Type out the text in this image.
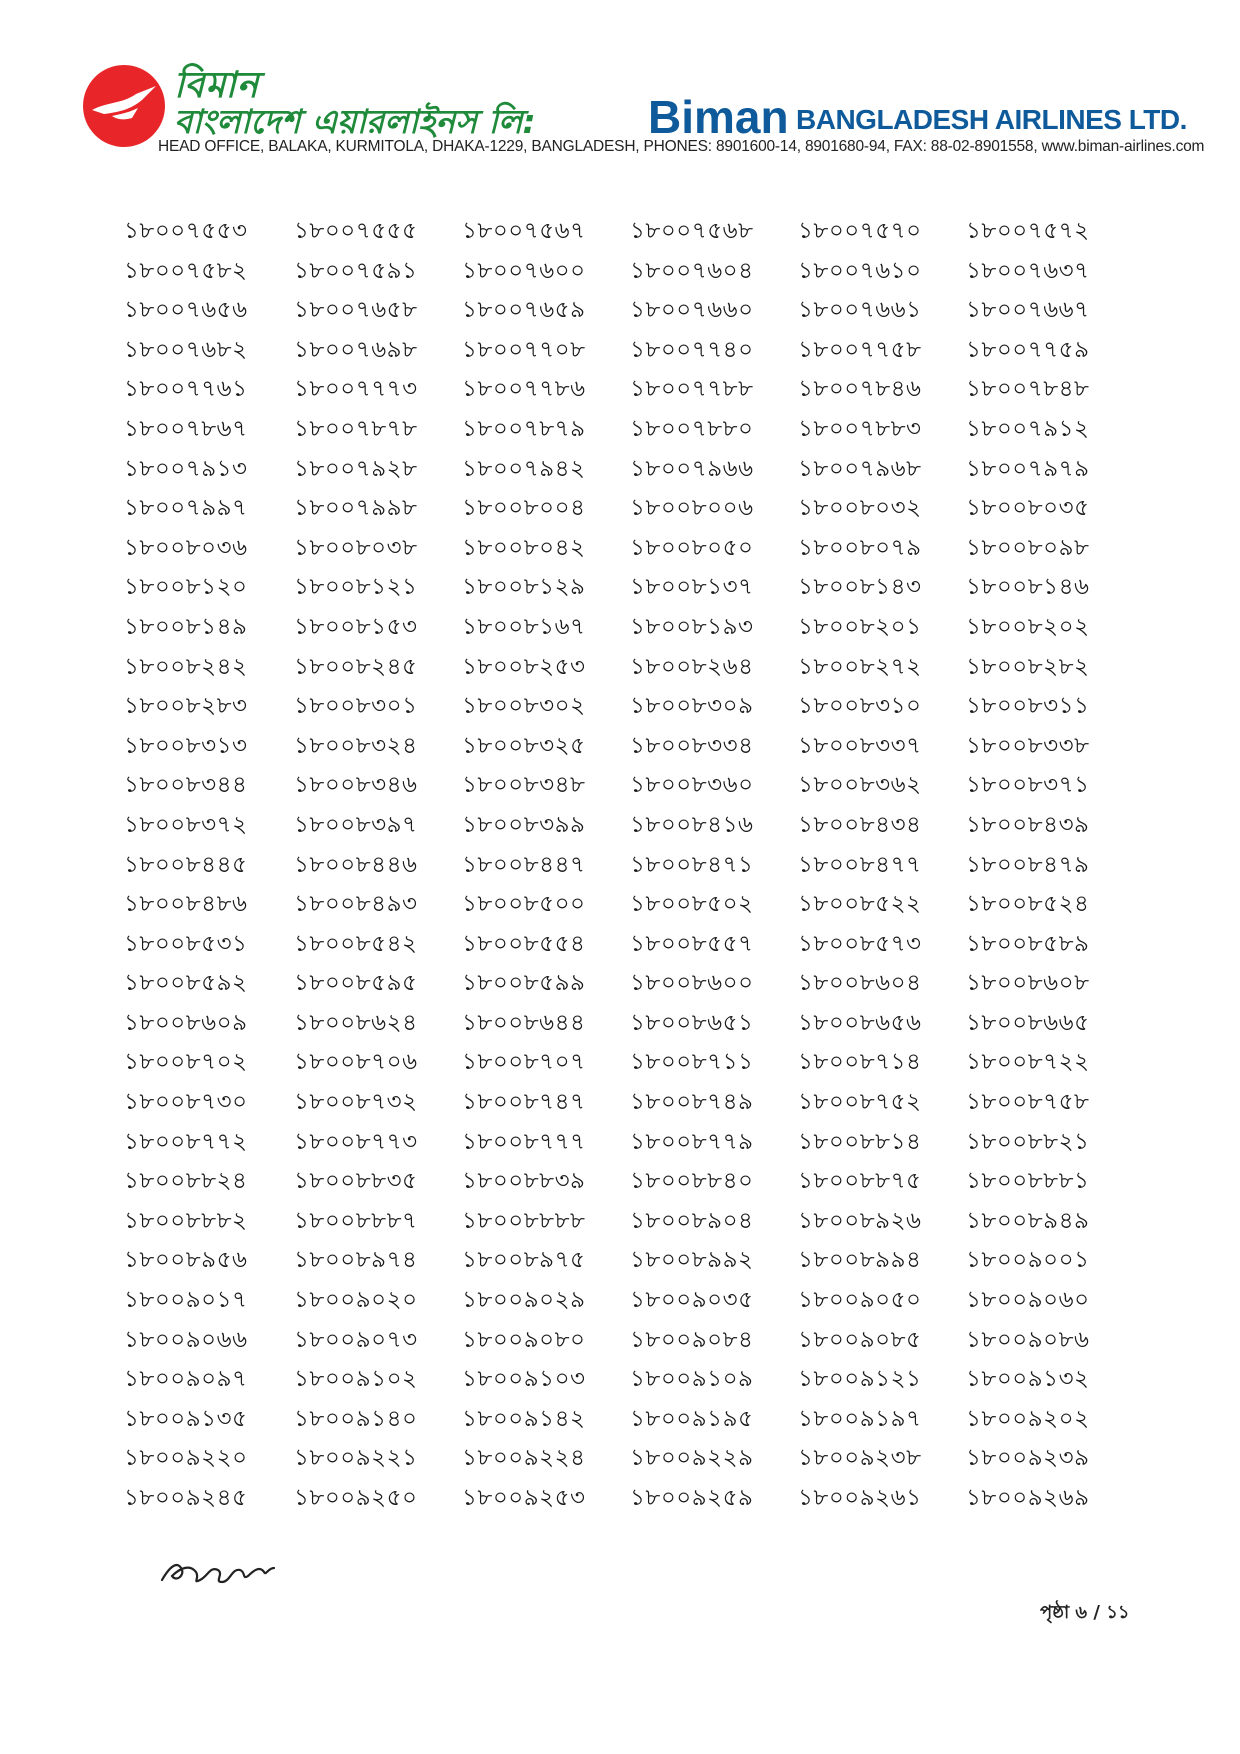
বিমান
বাংলাদেশ এয়ারলাইনস লি: Biman BANGLADESH AIRLINES LTD.
HEAD OFFICE, BALAKA, KURMITOLA, DHAKA-1229, BANGLADESH, PHONES: 8901600-14, 8901680-94, FAX: 88-02-8901558, www.biman-airlines.com
১৮০০৭৫৫৩ ১৮০০৭৫৫৫ ১৮০০৭৫৬৭ ১৮০০৭৫৬৮ ১৮০০৭৫৭০ ১৮০০৭৫৭২
১৮০০৭৫৮২ ১৮০০৭৫৯১ ১৮০০৭৬০০ ১৮০০৭৬০৪ ১৮০০৭৬১০ ১৮০০৭৬৩৭
১৮০০৭৬৫৬ ১৮০০৭৬৫৮ ১৮০০৭৬৫৯ ১৮০০৭৬৬০ ১৮০০৭৬৬১ ১৮০০৭৬৬৭
১৮০০৭৬৮২ ১৮০০৭৬৯৮ ১৮০০৭৭০৮ ১৮০০৭৭৪০ ১৮০০৭৭৫৮ ১৮০০৭৭৫৯
১৮০০৭৭৬১ ১৮০০৭৭৭৩ ১৮০০৭৭৮৬ ১৮০০৭৭৮৮ ১৮০০৭৮৪৬ ১৮০০৭৮৪৮
১৮০০৭৮৬৭ ১৮০০৭৮৭৮ ১৮০০৭৮৭৯ ১৮০০৭৮৮০ ১৮০০৭৮৮৩ ১৮০০৭৯১২
১৮০০৭৯১৩ ১৮০০৭৯২৮ ১৮০০৭৯৪২ ১৮০০৭৯৬৬ ১৮০০৭৯৬৮ ১৮০০৭৯৭৯
১৮০০৭৯৯৭ ১৮০০৭৯৯৮ ১৮০০৮০০৪ ১৮০০৮০০৬ ১৮০০৮০৩২ ১৮০০৮০৩৫
১৮০০৮০৩৬ ১৮০০৮০৩৮ ১৮০০৮০৪২ ১৮০০৮০৫০ ১৮০০৮০৭৯ ১৮০০৮০৯৮
১৮০০৮১২০ ১৮০০৮১২১ ১৮০০৮১২৯ ১৮০০৮১৩৭ ১৮০০৮১৪৩ ১৮০০৮১৪৬
১৮০০৮১৪৯ ১৮০০৮১৫৩ ১৮০০৮১৬৭ ১৮০০৮১৯৩ ১৮০০৮২০১ ১৮০০৮২০২
১৮০০৮২৪২ ১৮০০৮২৪৫ ১৮০০৮২৫৩ ১৮০০৮২৬৪ ১৮০০৮২৭২ ১৮০০৮২৮২
১৮০০৮২৮৩ ১৮০০৮৩০১ ১৮০০৮৩০২ ১৮০০৮৩০৯ ১৮০০৮৩১০ ১৮০০৮৩১১
১৮০০৮৩১৩ ১৮০০৮৩২৪ ১৮০০৮৩২৫ ১৮০০৮৩৩৪ ১৮০০৮৩৩৭ ১৮০০৮৩৩৮
১৮০০৮৩৪৪ ১৮০০৮৩৪৬ ১৮০০৮৩৪৮ ১৮০০৮৩৬০ ১৮০০৮৩৬২ ১৮০০৮৩৭১
১৮০০৮৩৭২ ১৮০০৮৩৯৭ ১৮০০৮৩৯৯ ১৮০০৮৪১৬ ১৮০০৮৪৩৪ ১৮০০৮৪৩৯
১৮০০৮৪৪৫ ১৮০০৮৪৪৬ ১৮০০৮৪৪৭ ১৮০০৮৪৭১ ১৮০০৮৪৭৭ ১৮০০৮৪৭৯
১৮০০৮৪৮৬ ১৮০০৮৪৯৩ ১৮০০৮৫০০ ১৮০০৮৫০২ ১৮০০৮৫২২ ১৮০০৮৫২৪
১৮০০৮৫৩১ ১৮০০৮৫৪২ ১৮০০৮৫৫৪ ১৮০০৮৫৫৭ ১৮০০৮৫৭৩ ১৮০০৮৫৮৯
১৮০০৮৫৯২ ১৮০০৮৫৯৫ ১৮০০৮৫৯৯ ১৮০০৮৬০০ ১৮০০৮৬০৪ ১৮০০৮৬০৮
১৮০০৮৬০৯ ১৮০০৮৬২৪ ১৮০০৮৬৪৪ ১৮০০৮৬৫১ ১৮০০৮৬৫৬ ১৮০০৮৬৬৫
১৮০০৮৭০২ ১৮০০৮৭০৬ ১৮০০৮৭০৭ ১৮০০৮৭১১ ১৮০০৮৭১৪ ১৮০০৮৭২২
১৮০০৮৭৩০ ১৮০০৮৭৩২ ১৮০০৮৭৪৭ ১৮০০৮৭৪৯ ১৮০০৮৭৫২ ১৮০০৮৭৫৮
১৮০০৮৭৭২ ১৮০০৮৭৭৩ ১৮০০৮৭৭৭ ১৮০০৮৭৭৯ ১৮০০৮৮১৪ ১৮০০৮৮২১
১৮০০৮৮২৪ ১৮০০৮৮৩৫ ১৮০০৮৮৩৯ ১৮০০৮৮৪০ ১৮০০৮৮৭৫ ১৮০০৮৮৮১
১৮০০৮৮৮২ ১৮০০৮৮৮৭ ১৮০০৮৮৮৮ ১৮০০৮৯০৪ ১৮০০৮৯২৬ ১৮০০৮৯৪৯
১৮০০৮৯৫৬ ১৮০০৮৯৭৪ ১৮০০৮৯৭৫ ১৮০০৮৯৯২ ১৮০০৮৯৯৪ ১৮০০৯০০১
১৮০০৯০১৭ ১৮০০৯০২০ ১৮০০৯০২৯ ১৮০০৯০৩৫ ১৮০০৯০৫০ ১৮০০৯০৬০
১৮০০৯০৬৬ ১৮০০৯০৭৩ ১৮০০৯০৮০ ১৮০০৯০৮৪ ১৮০০৯০৮৫ ১৮০০৯০৮৬
১৮০০৯০৯৭ ১৮০০৯১০২ ১৮০০৯১০৩ ১৮০০৯১০৯ ১৮০০৯১২১ ১৮০০৯১৩২
১৮০০৯১৩৫ ১৮০০৯১৪০ ১৮০০৯১৪২ ১৮০০৯১৯৫ ১৮০০৯১৯৭ ১৮০০৯২০২
১৮০০৯২২০ ১৮০০৯২২১ ১৮০০৯২২৪ ১৮০০৯২২৯ ১৮০০৯২৩৮ ১৮০০৯২৩৯
১৮০০৯২৪৫ ১৮০০৯২৫০ ১৮০০৯২৫৩ ১৮০০৯২৫৯ ১৮০০৯২৬১ ১৮০০৯২৬৯
পৃষ্ঠা ৬ / ১১
